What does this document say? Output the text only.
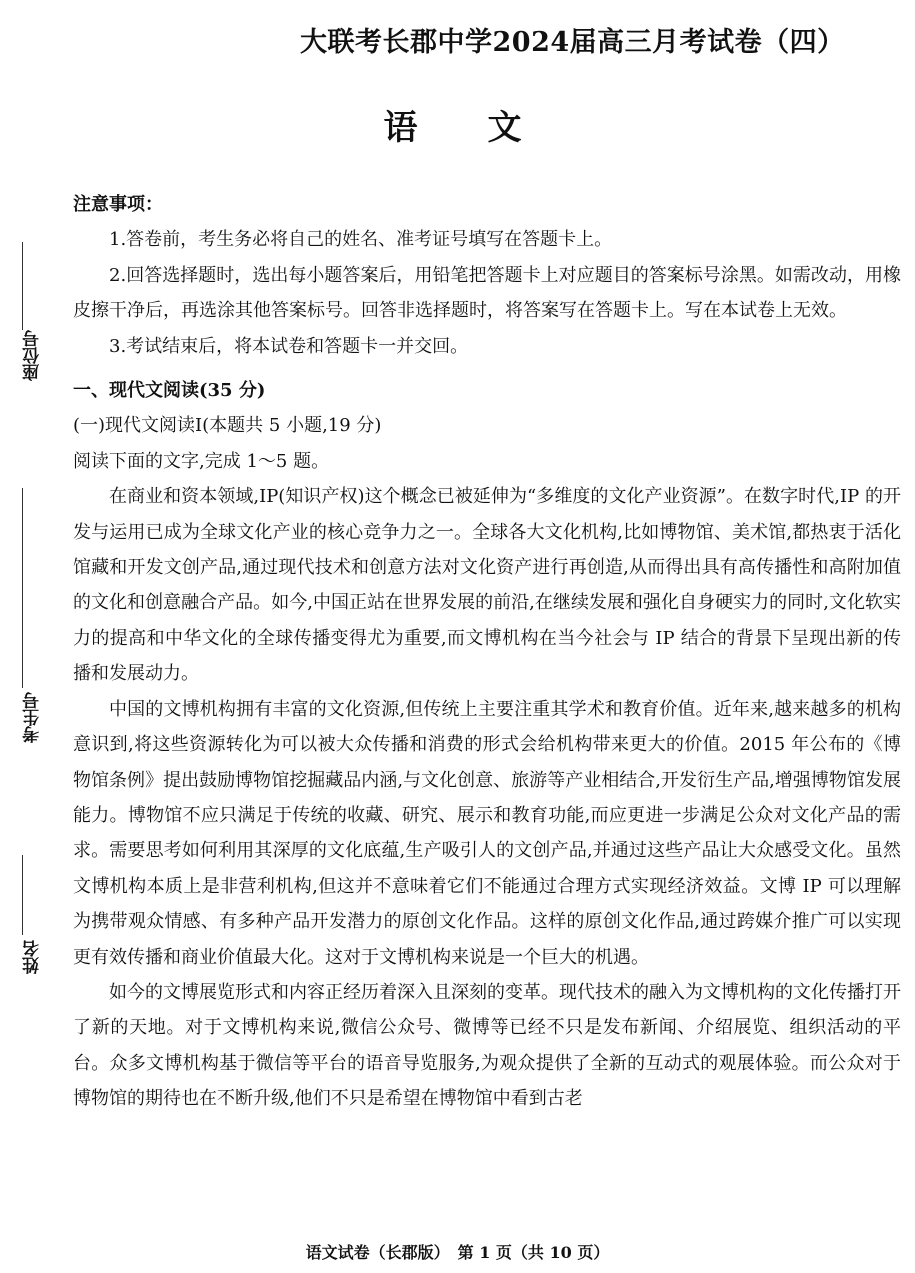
大联考长郡中学2024届高三月考试卷（四）
语文
座位号
考生号
姓名

注意事项：

1.答卷前，考生务必将自己的姓名、准考证号填写在答题卡上。

2.回答选择题时，选出每小题答案后，用铅笔把答题卡上对应题目的答案标号涂黑。如需改动，用橡皮擦干净后，再选涂其他答案标号。回答非选择题时，将答案写在答题卡上。写在本试卷上无效。

3.考试结束后，将本试卷和答题卡一并交回。

一、现代文阅读(35 分)

(一)现代文阅读Ⅰ(本题共 5 小题,19 分)

阅读下面的文字,完成 1～5 题。

在商业和资本领域,IP(知识产权)这个概念已被延伸为“多维度的文化产业资源”。在数字时代,IP 的开发与运用已成为全球文化产业的核心竞争力之一。全球各大文化机构,比如博物馆、美术馆,都热衷于活化馆藏和开发文创产品,通过现代技术和创意方法对文化资产进行再创造,从而得出具有高传播性和高附加值的文化和创意融合产品。如今,中国正站在世界发展的前沿,在继续发展和强化自身硬实力的同时,文化软实力的提高和中华文化的全球传播变得尤为重要,而文博机构在当今社会与 IP 结合的背景下呈现出新的传播和发展动力。

中国的文博机构拥有丰富的文化资源,但传统上主要注重其学术和教育价值。近年来,越来越多的机构意识到,将这些资源转化为可以被大众传播和消费的形式会给机构带来更大的价值。2015 年公布的《博物馆条例》提出鼓励博物馆挖掘藏品内涵,与文化创意、旅游等产业相结合,开发衍生产品,增强博物馆发展能力。博物馆不应只满足于传统的收藏、研究、展示和教育功能,而应更进一步满足公众对文化产品的需求。需要思考如何利用其深厚的文化底蕴,生产吸引人的文创产品,并通过这些产品让大众感受文化。虽然文博机构本质上是非营利机构,但这并不意味着它们不能通过合理方式实现经济效益。文博 IP 可以理解为携带观众情感、有多种产品开发潜力的原创文化作品。这样的原创文化作品,通过跨媒介推广可以实现更有效传播和商业价值最大化。这对于文博机构来说是一个巨大的机遇。

如今的文博展览形式和内容正经历着深入且深刻的变革。现代技术的融入为文博机构的文化传播打开了新的天地。对于文博机构来说,微信公众号、微博等已经不只是发布新闻、介绍展览、组织活动的平台。众多文博机构基于微信等平台的语音导览服务,为观众提供了全新的互动式的观展体验。而公众对于博物馆的期待也在不断升级,他们不只是希望在博物馆中看到古老

语文试卷（长郡版）　第 1 页（共 10 页）
